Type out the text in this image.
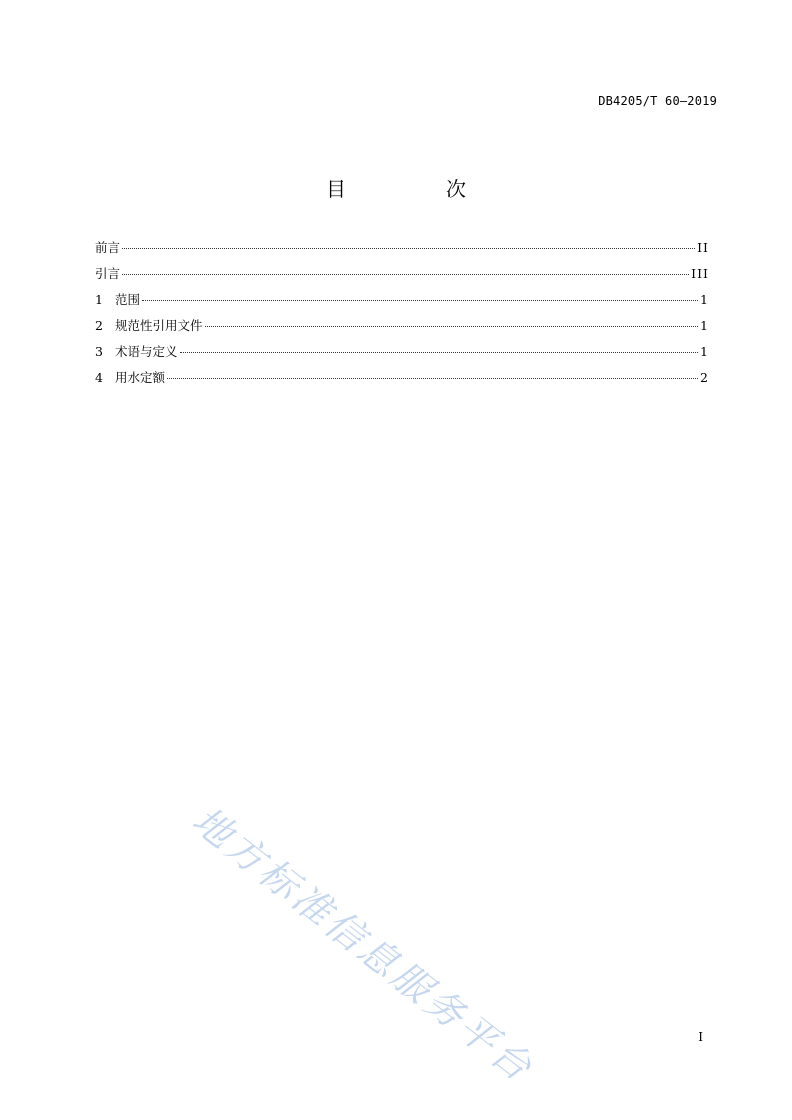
DB4205/T 60—2019
目　次
前言	II
引言	III
1 范围	1
2 规范性引用文件	1
3 术语与定义	1
4 用水定额	2
地方标准信息服务平台	I
